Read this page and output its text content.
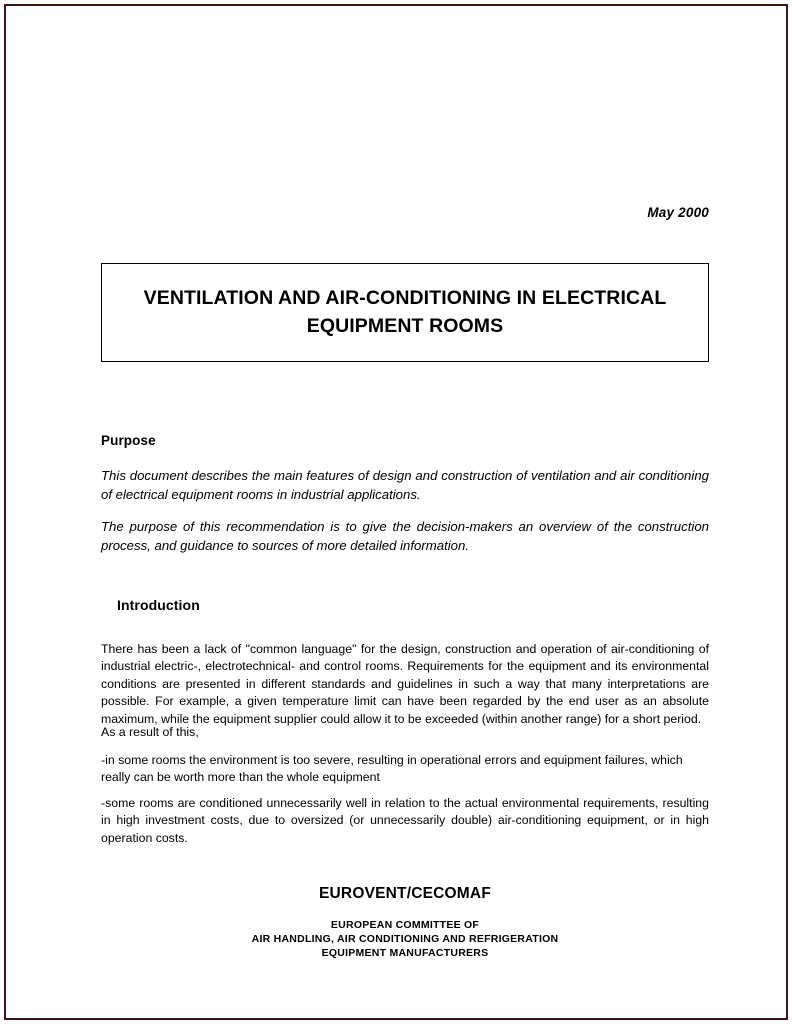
May 2000
VENTILATION AND AIR-CONDITIONING IN ELECTRICAL EQUIPMENT ROOMS
Purpose
This document describes the main features of design and construction of ventilation and air conditioning of electrical equipment rooms in industrial applications.
The purpose of this recommendation is to give the decision-makers an overview of the construction process, and guidance to sources of more detailed information.
Introduction
There has been a lack of "common language" for the design, construction and operation of air-conditioning of industrial electric-, electrotechnical- and control rooms. Requirements for the equipment and its environmental conditions are presented in different standards and guidelines in such a way that many interpretations are possible. For example, a given temperature limit can have been regarded by the end user as an absolute maximum, while the equipment supplier could allow it to be exceeded (within another range) for a short period.
As a result of this,
-in some rooms the environment is too severe, resulting in operational errors and equipment failures, which really can be worth more than the whole equipment
-some rooms are conditioned unnecessarily well in relation to the actual environmental requirements, resulting in high investment costs, due to oversized (or unnecessarily double) air-conditioning equipment, or in high operation costs.
EUROVENT/CECOMAF
EUROPEAN COMMITTEE OF
AIR HANDLING, AIR CONDITIONING AND REFRIGERATION
EQUIPMENT MANUFACTURERS
